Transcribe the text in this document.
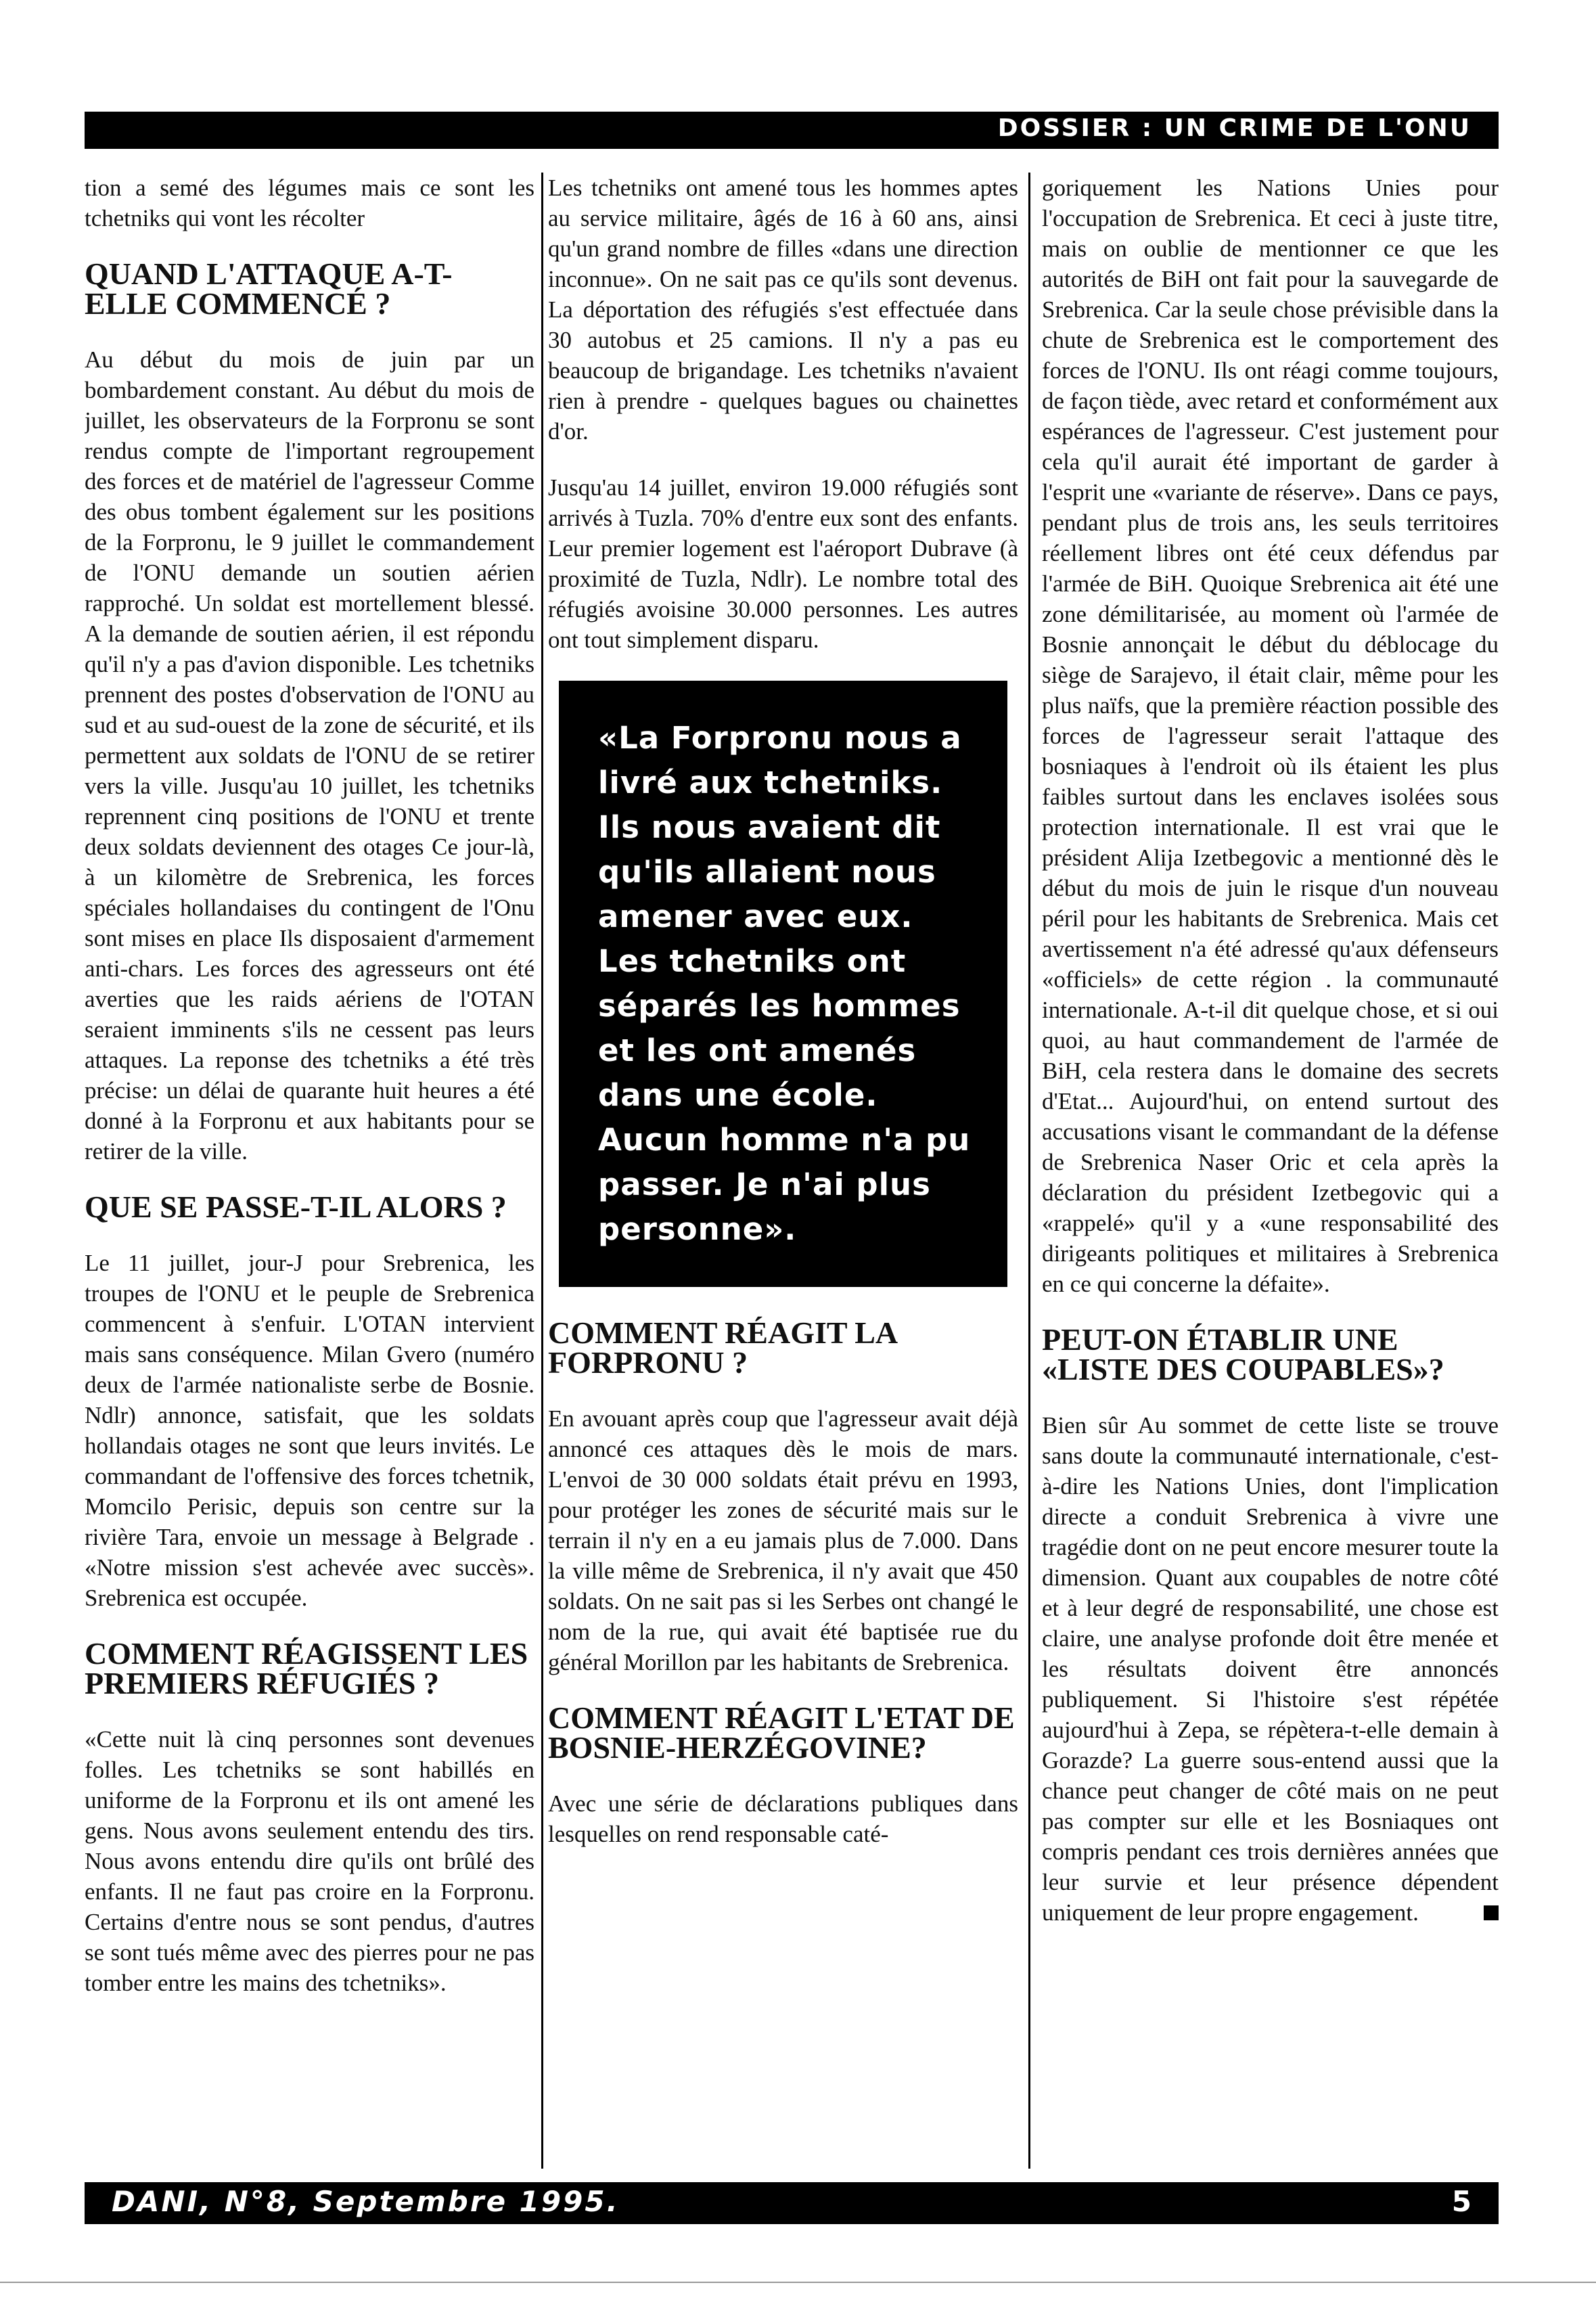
DOSSIER : UN CRIME DE L'ONU

tion a semé des légumes mais ce sont les tchetniks qui vont les récolter

QUAND L'ATTAQUE A-T-ELLE COMMENCÉ ?

Au début du mois de juin par un bombardement constant. Au début du mois de juillet, les observateurs de la Forpronu se sont rendus compte de l'important regroupement des forces et de matériel de l'agresseur Comme des obus tombent également sur les positions de la Forpronu, le 9 juillet le commandement de l'ONU demande un soutien aérien rapproché. Un soldat est mortellement blessé. A la demande de soutien aérien, il est répondu qu'il n'y a pas d'avion disponible. Les tchetniks prennent des postes d'observation de l'ONU au sud et au sud-ouest de la zone de sécurité, et ils permettent aux soldats de l'ONU de se retirer vers la ville. Jusqu'au 10 juillet, les tchetniks reprennent cinq positions de l'ONU et trente deux soldats deviennent des otages Ce jour-là, à un kilomètre de Srebrenica, les forces spéciales hollandaises du contingent de l'Onu sont mises en place Ils disposaient d'armement anti-chars. Les forces des agresseurs ont été averties que les raids aériens de l'OTAN seraient imminents s'ils ne cessent pas leurs attaques. La reponse des tchetniks a été très précise: un délai de quarante huit heures a été donné à la Forpronu et aux habitants pour se retirer de la ville.

QUE SE PASSE-T-IL ALORS ?

Le 11 juillet, jour-J pour Srebrenica, les troupes de l'ONU et le peuple de Srebrenica commencent à s'enfuir. L'OTAN intervient mais sans conséquence. Milan Gvero (numéro deux de l'armée nationaliste serbe de Bosnie. Ndlr) annonce, satisfait, que les soldats hollandais otages ne sont que leurs invités. Le commandant de l'offensive des forces tchetnik, Momcilo Perisic, depuis son centre sur la rivière Tara, envoie un message à Belgrade . «Notre mission s'est achevée avec succès». Srebrenica est occupée.

COMMENT RÉAGISSENT LES PREMIERS RÉFUGIÉS ?

«Cette nuit là cinq personnes sont devenues folles. Les tchetniks se sont habillés en uniforme de la Forpronu et ils ont amené les gens. Nous avons seulement entendu des tirs. Nous avons entendu dire qu'ils ont brûlé des enfants. Il ne faut pas croire en la Forpronu. Certains d'entre nous se sont pendus, d'autres se sont tués même avec des pierres pour ne pas tomber entre les mains des tchetniks».

Les tchetniks ont amené tous les hommes aptes au service militaire, âgés de 16 à 60 ans, ainsi qu'un grand nombre de filles «dans une direction inconnue». On ne sait pas ce qu'ils sont devenus. La déportation des réfugiés s'est effectuée dans 30 autobus et 25 camions. Il n'y a pas eu beaucoup de brigandage. Les tchetniks n'avaient rien à prendre - quelques bagues ou chainettes d'or.

Jusqu'au 14 juillet, environ 19.000 réfugiés sont arrivés à Tuzla. 70% d'entre eux sont des enfants. Leur premier logement est l'aéroport Dubrave (à proximité de Tuzla, Ndlr). Le nombre total des réfugiés avoisine 30.000 personnes. Les autres ont tout simplement disparu.

«La Forpronu nous a livré aux tchetniks. Ils nous avaient dit qu'ils allaient nous amener avec eux. Les tchetniks ont séparés les hommes et les ont amenés dans une école. Aucun homme n'a pu passer. Je n'ai plus personne».

COMMENT RÉAGIT LA FORPRONU ?

En avouant après coup que l'agresseur avait déjà annoncé ces attaques dès le mois de mars. L'envoi de 30 000 soldats était prévu en 1993, pour protéger les zones de sécurité mais sur le terrain il n'y en a eu jamais plus de 7.000. Dans la ville même de Srebrenica, il n'y avait que 450 soldats. On ne sait pas si les Serbes ont changé le nom de la rue, qui avait été baptisée rue du général Morillon par les habitants de Srebrenica.

COMMENT RÉAGIT L'ETAT DE BOSNIE-HERZÉGOVINE?

Avec une série de déclarations publiques dans lesquelles on rend responsable caté-

goriquement les Nations Unies pour l'occupation de Srebrenica. Et ceci à juste titre, mais on oublie de mentionner ce que les autorités de BiH ont fait pour la sauvegarde de Srebrenica. Car la seule chose prévisible dans la chute de Srebrenica est le comportement des forces de l'ONU. Ils ont réagi comme toujours, de façon tiède, avec retard et conformément aux espérances de l'agresseur. C'est justement pour cela qu'il aurait été important de garder à l'esprit une «variante de réserve». Dans ce pays, pendant plus de trois ans, les seuls territoires réellement libres ont été ceux défendus par l'armée de BiH. Quoique Srebrenica ait été une zone démilitarisée, au moment où l'armée de Bosnie annonçait le début du déblocage du siège de Sarajevo, il était clair, même pour les plus naïfs, que la première réaction possible des forces de l'agresseur serait l'attaque des bosniaques à l'endroit où ils étaient les plus faibles surtout dans les enclaves isolées sous protection internationale. Il est vrai que le président Alija Izetbegovic a mentionné dès le début du mois de juin le risque d'un nouveau péril pour les habitants de Srebrenica. Mais cet avertissement n'a été adressé qu'aux défenseurs «officiels» de cette région . la communauté internationale. A-t-il dit quelque chose, et si oui quoi, au haut commandement de l'armée de BiH, cela restera dans le domaine des secrets d'Etat... Aujourd'hui, on entend surtout des accusations visant le commandant de la défense de Srebrenica Naser Oric et cela après la déclaration du président Izetbegovic qui a «rappelé» qu'il y a «une responsabilité des dirigeants politiques et militaires à Srebrenica en ce qui concerne la défaite».

PEUT-ON ÉTABLIR UNE «LISTE DES COUPABLES»?

Bien sûr Au sommet de cette liste se trouve sans doute la communauté internationale, c'est-à-dire les Nations Unies, dont l'implication directe a conduit Srebrenica à vivre une tragédie dont on ne peut encore mesurer toute la dimension. Quant aux coupables de notre côté et à leur degré de responsabilité, une chose est claire, une analyse profonde doit être menée et les résultats doivent être annoncés publiquement. Si l'histoire s'est répétée aujourd'hui à Zepa, se répètera-t-elle demain à Gorazde? La guerre sous-entend aussi que la chance peut changer de côté mais on ne peut pas compter sur elle et les Bosniaques ont compris pendant ces trois dernières années que leur survie et leur présence dépendent uniquement de leur propre engagement.

DANI, N°8, Septembre 1995.	5
